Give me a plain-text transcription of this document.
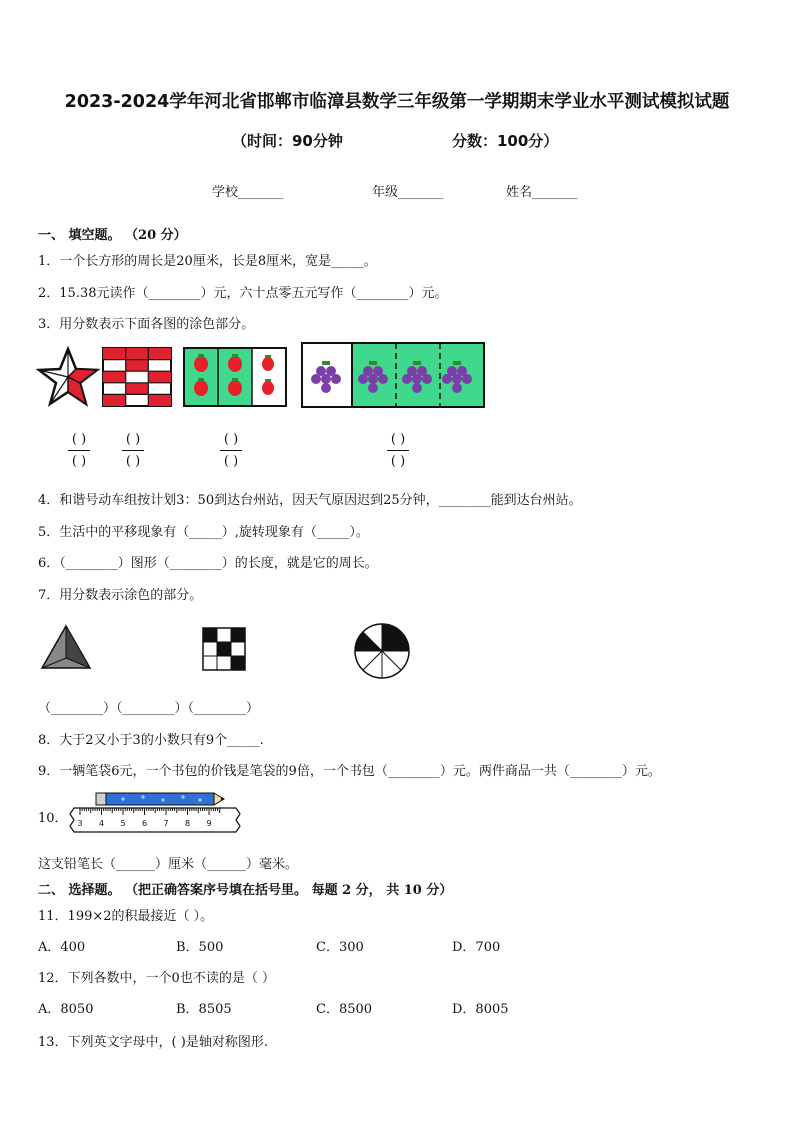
2023-2024学年河北省邯郸市临漳县数学三年级第一学期期末学业水平测试模拟试题
（时间：90分钟	分数：100分）
学校_______	年级_______	姓名_______
一、 填空题。 （20 分）
1．一个长方形的周长是20厘米，长是8厘米，宽是_____。
2．15.38元读作（________）元，六十点零五元写作（________）元。
3．用分数表示下面各图的涂色部分。
( )
( )
( )
( )
( )
( )
( )
( )
4．和谐号动车组按计划3：50到达台州站，因天气原因迟到25分钟，________能到达台州站。
5．生活中的平移现象有（_____）,旋转现象有（_____）。
6．（________）图形（________）的长度，就是它的周长。
7．用分数表示涂色的部分。
（________）（________）（________）
8．大于2又小于3的小数只有9个_____.
9．一辆笔袋6元，一个书包的价钱是笔袋的9倍，一个书包（________）元。两件商品一共（________）元。
10． 3 4 5 6 7 8 9
这支铅笔长（______）厘米（______）毫米。
二、 选择题。 （把正确答案序号填在括号里。 每题 2 分， 共 10 分）
11．199×2的积最接近（ ）。
A．400	B．500	C．300	D．700
12．下列各数中，一个0也不读的是（ ）
A．8050	B．8505	C．8500	D．8005
13．下列英文字母中，( )是轴对称图形.
